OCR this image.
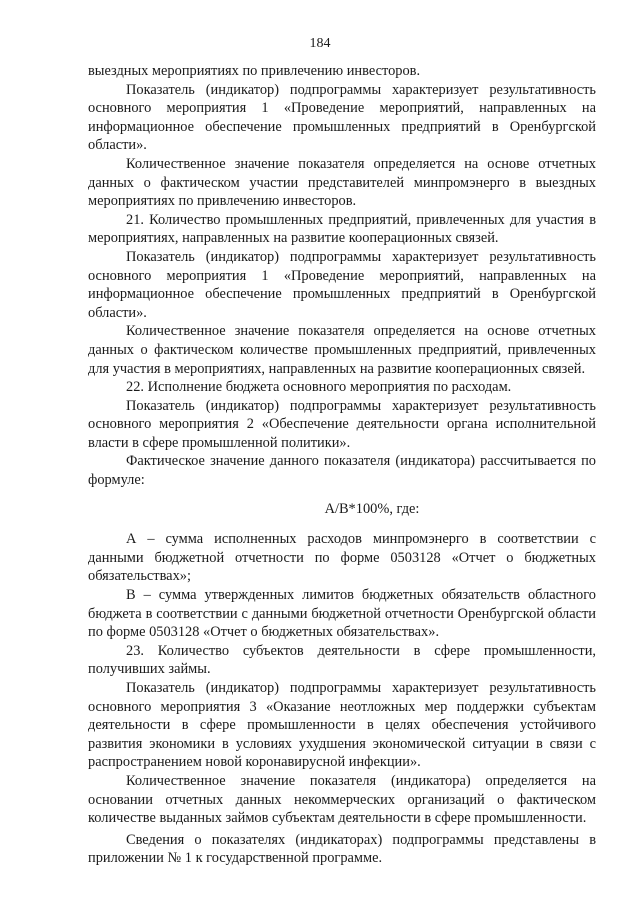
184

выездных мероприятиях по привлечению инвесторов.

Показатель (индикатор) подпрограммы характеризует результативность основного мероприятия 1 «Проведение мероприятий, направленных на информационное обеспечение промышленных предприятий в Оренбургской области».

Количественное значение показателя определяется на основе отчетных данных о фактическом участии представителей минпромэнерго в выездных мероприятиях по привлечению инвесторов.

21. Количество промышленных предприятий, привлеченных для участия в мероприятиях, направленных на развитие кооперационных связей.

Показатель (индикатор) подпрограммы характеризует результативность основного мероприятия 1 «Проведение мероприятий, направленных на информационное обеспечение промышленных предприятий в Оренбургской области».

Количественное значение показателя определяется на основе отчетных данных о фактическом количестве промышленных предприятий, привлеченных для участия в мероприятиях, направленных на развитие кооперационных связей.

22. Исполнение бюджета основного мероприятия по расходам.

Показатель (индикатор) подпрограммы характеризует результативность основного мероприятия 2 «Обеспечение деятельности органа исполнительной власти в сфере промышленной политики».

Фактическое значение данного показателя (индикатора) рассчитывается по формуле:

А/В*100%, где:

А – сумма исполненных расходов минпромэнерго в соответствии с данными бюджетной отчетности по форме 0503128 «Отчет о бюджетных обязательствах»;

В – сумма утвержденных лимитов бюджетных обязательств областного бюджета в соответствии с данными бюджетной отчетности Оренбургской области по форме 0503128 «Отчет о бюджетных обязательствах».

23. Количество субъектов деятельности в сфере промышленности, получивших займы.

Показатель (индикатор) подпрограммы характеризует результативность основного мероприятия 3 «Оказание неотложных мер поддержки субъектам деятельности в сфере промышленности в целях обеспечения устойчивого развития экономики в условиях ухудшения экономической ситуации в связи с распространением новой коронавирусной инфекции».

Количественное значение показателя (индикатора) определяется на основании отчетных данных некоммерческих организаций о фактическом количестве выданных займов субъектам деятельности в сфере промышленности.

Сведения о показателях (индикаторах) подпрограммы представлены в приложении № 1 к государственной программе.
